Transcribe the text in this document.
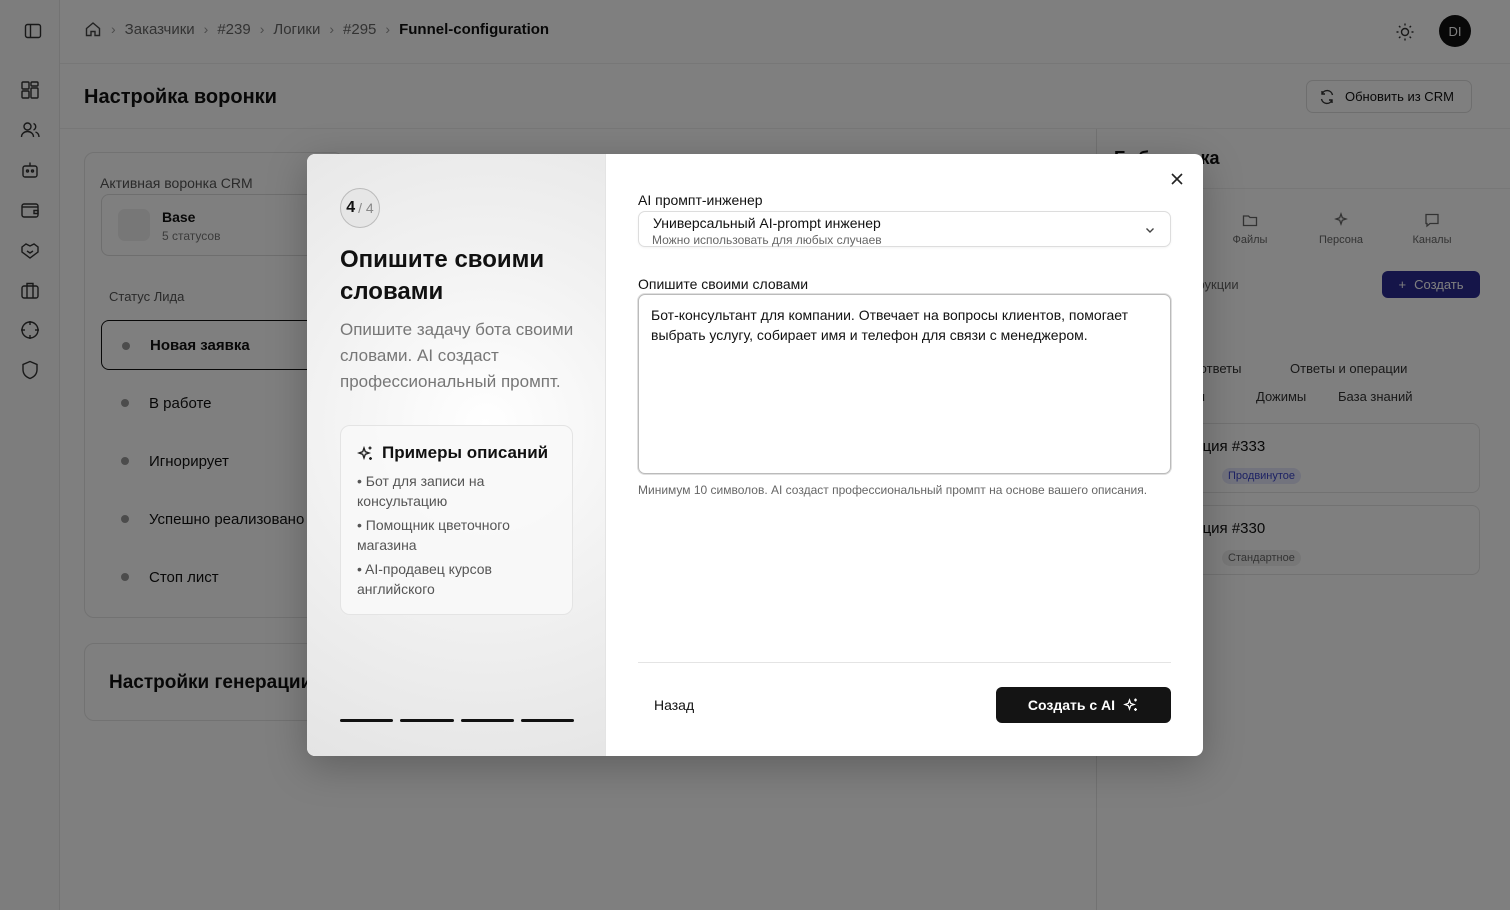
4 / 4
Опишите своими словами
Опишите задачу бота своими словами. AI создаст профессиональный промпт.
Примеры описаний
• Бот для записи на консультацию
• Помощник цветочного магазина
• AI-продавец курсов английского
AI промпт-инженер
Универсальный AI-prompt инженер
Можно использовать для любых случаев
Опишите своими словами
Бот-консультант для компании. Отвечает на вопросы клиентов, помогает выбрать услугу, собирает имя и телефон для связи с менеджером.
Минимум 10 символов. AI создаст профессиональный промпт на основе вашего описания.
Назад	Создать с AI
